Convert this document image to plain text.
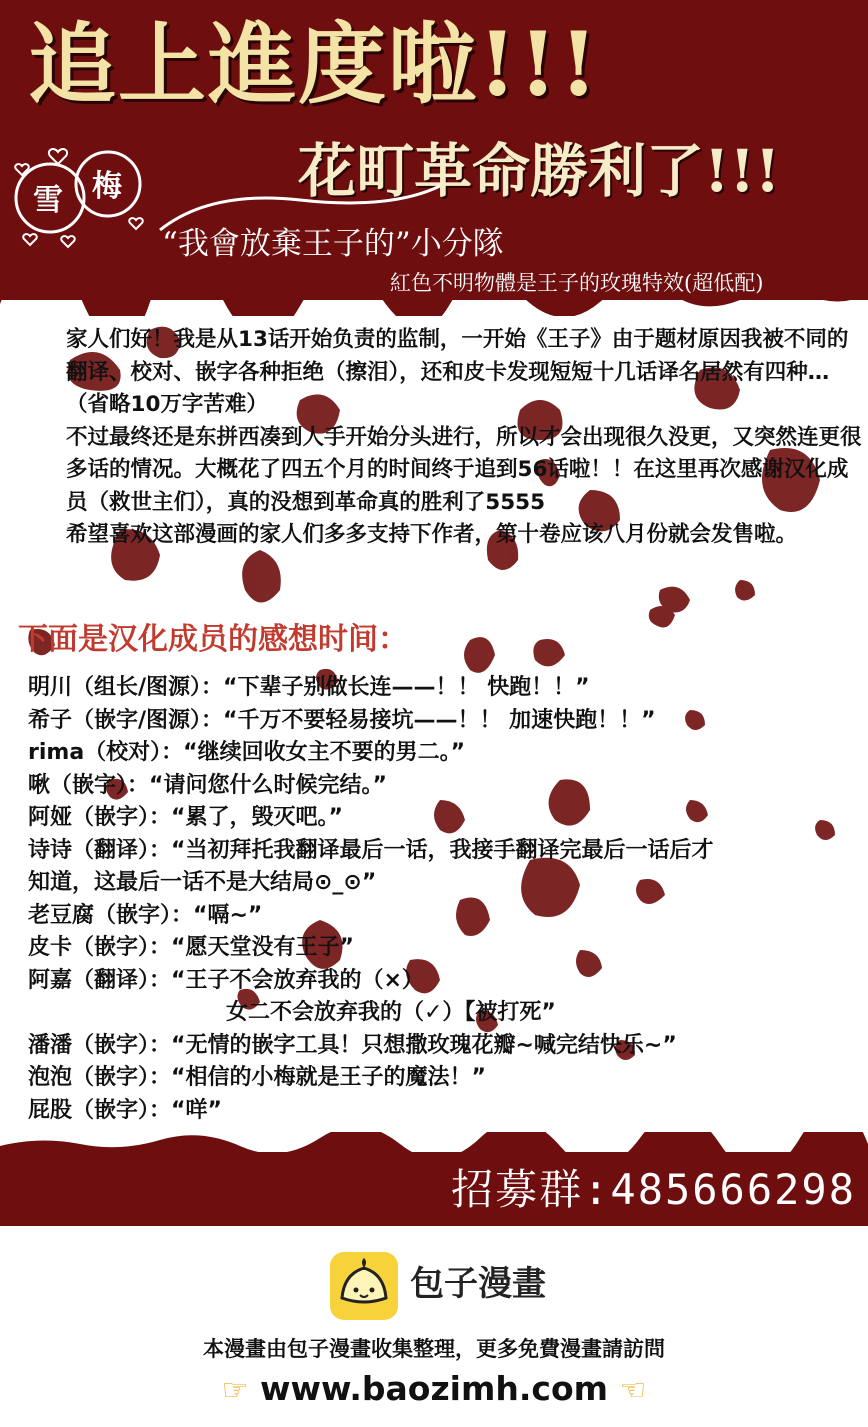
追上進度啦!!!
雪 梅	花町革命勝利了!!!
“我會放棄王子的”小分隊
紅色不明物體是王子的玫瑰特效(超低配)

家人们好！我是从13话开始负责的监制，一开始《王子》由于题材原因我被不同的翻译、校对、嵌字各种拒绝（擦泪），还和皮卡发现短短十几话译名居然有四种…（省略10万字苦难）

不过最终还是东拼西凑到人手开始分头进行，所以才会出现很久没更，又突然连更很多话的情况。大概花了四五个月的时间终于追到56话啦！！在这里再次感谢汉化成员（救世主们），真的没想到革命真的胜利了5555

希望喜欢这部漫画的家人们多多支持下作者，第十卷应该八月份就会发售啦。

下面是汉化成员的感想时间：
明川（组长/图源）：“下辈子别做长连——！！ 快跑！！”
希子（嵌字/图源）：“千万不要轻易接坑——！！ 加速快跑！！”
rima（校对）：“继续回收女主不要的男二。”
啾（嵌字）：“请问您什么时候完结。”
阿娅（嵌字）：“累了，毁灭吧。”
诗诗（翻译）：“当初拜托我翻译最后一话，我接手翻译完最后一话后才
知道，这最后一话不是大结局⊙_⊙”
老豆腐（嵌字）：“嗝~”
皮卡（嵌字）：“愿天堂没有王子”
阿嘉（翻译）：“王子不会放弃我的（×）
女二不会放弃我的（✓）【被打死”
潘潘（嵌字）：“无情的嵌字工具！只想撒玫瑰花瓣~喊完结快乐~”
泡泡（嵌字）：“相信的小梅就是王子的魔法！”
屁股（嵌字）：“咩”
招募群:485666298
包子漫畫
本漫畫由包子漫畫收集整理，更多免費漫畫請訪問
☞ www.baozimh.com ☜
